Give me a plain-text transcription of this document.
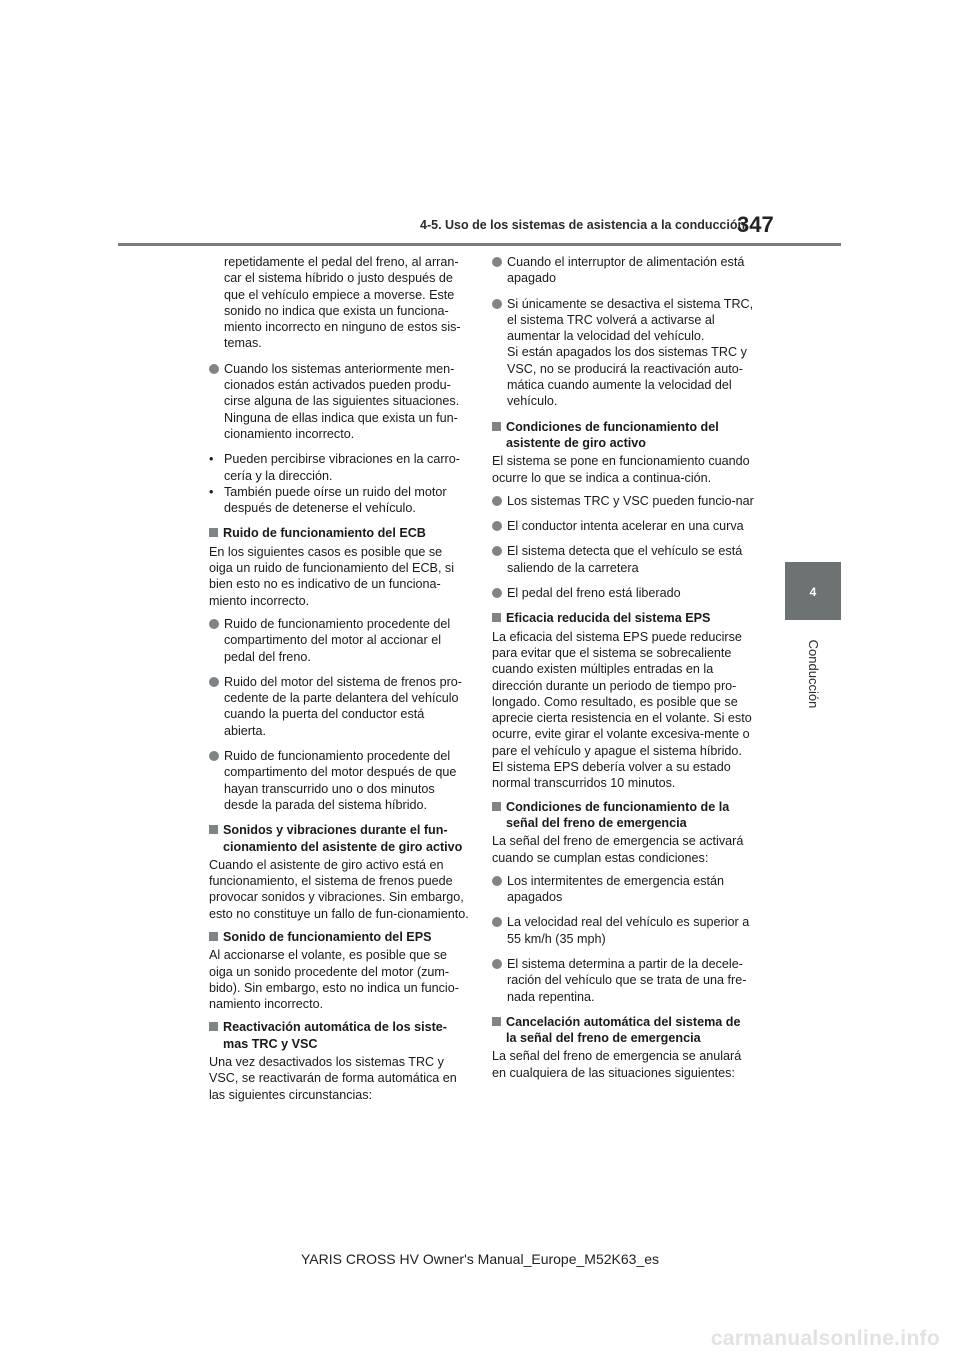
4-5. Uso de los sistemas de asistencia a la conducción
347
4
Conducción
repetidamente el pedal del freno, al arran-car el sistema híbrido o justo después de que el vehículo empiece a moverse. Este sonido no indica que exista un funciona-miento incorrecto en ninguno de estos sis-temas.
Cuando los sistemas anteriormente men-cionados están activados pueden produ-cirse alguna de las siguientes situaciones. Ninguna de ellas indica que exista un fun-cionamiento incorrecto.
• Pueden percibirse vibraciones en la carro-cería y la dirección.
• También puede oírse un ruido del motor después de detenerse el vehículo.
Ruido de funcionamiento del ECB
En los siguientes casos es posible que se oiga un ruido de funcionamiento del ECB, si bien esto no es indicativo de un funciona-miento incorrecto.
Ruido de funcionamiento procedente del compartimento del motor al accionar el pedal del freno.
Ruido del motor del sistema de frenos pro-cedente de la parte delantera del vehículo cuando la puerta del conductor está abierta.
Ruido de funcionamiento procedente del compartimento del motor después de que hayan transcurrido uno o dos minutos desde la parada del sistema híbrido.
Sonidos y vibraciones durante el fun-cionamiento del asistente de giro activo
Cuando el asistente de giro activo está en funcionamiento, el sistema de frenos puede provocar sonidos y vibraciones. Sin embargo, esto no constituye un fallo de fun-cionamiento.
Sonido de funcionamiento del EPS
Al accionarse el volante, es posible que se oiga un sonido procedente del motor (zum-bido). Sin embargo, esto no indica un funcio-namiento incorrecto.
Reactivación automática de los siste-mas TRC y VSC
Una vez desactivados los sistemas TRC y VSC, se reactivarán de forma automática en las siguientes circunstancias:
Cuando el interruptor de alimentación está apagado
Si únicamente se desactiva el sistema TRC, el sistema TRC volverá a activarse al aumentar la velocidad del vehículo.
Si están apagados los dos sistemas TRC y VSC, no se producirá la reactivación auto-mática cuando aumente la velocidad del vehículo.
Condiciones de funcionamiento del asistente de giro activo
El sistema se pone en funcionamiento cuando ocurre lo que se indica a continua-ción.
Los sistemas TRC y VSC pueden funcio-nar
El conductor intenta acelerar en una curva
El sistema detecta que el vehículo se está saliendo de la carretera
El pedal del freno está liberado
Eficacia reducida del sistema EPS
La eficacia del sistema EPS puede reducirse para evitar que el sistema se sobrecaliente cuando existen múltiples entradas en la dirección durante un periodo de tiempo pro-longado. Como resultado, es posible que se aprecie cierta resistencia en el volante. Si esto ocurre, evite girar el volante excesiva-mente o pare el vehículo y apague el sistema híbrido. El sistema EPS debería volver a su estado normal transcurridos 10 minutos.
Condiciones de funcionamiento de la señal del freno de emergencia
La señal del freno de emergencia se activará cuando se cumplan estas condiciones:
Los intermitentes de emergencia están apagados
La velocidad real del vehículo es superior a 55 km/h (35 mph)
El sistema determina a partir de la decele-ración del vehículo que se trata de una fre-nada repentina.
Cancelación automática del sistema de la señal del freno de emergencia
La señal del freno de emergencia se anulará en cualquiera de las situaciones siguientes:
YARIS CROSS HV Owner's Manual_Europe_M52K63_es
carmanualsonline.info
